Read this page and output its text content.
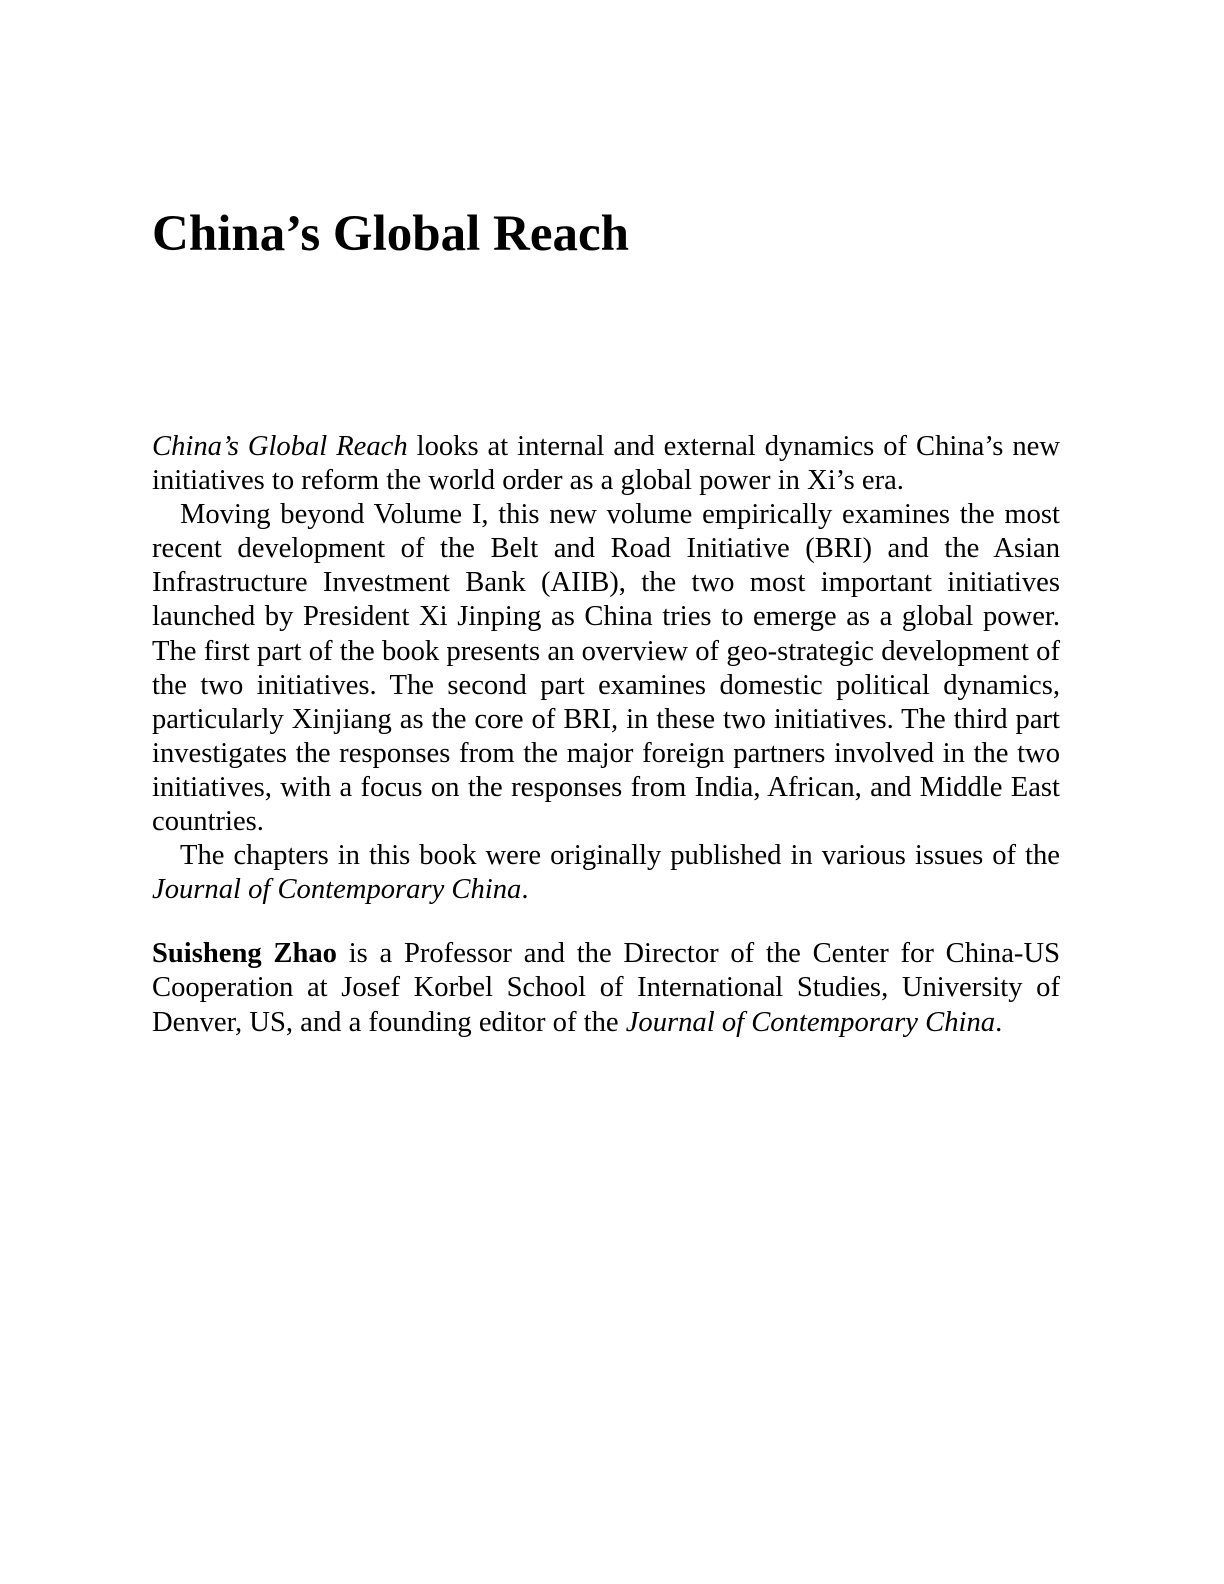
China’s Global Reach

China’s Global Reach looks at internal and external dynamics of China’s new initiatives to reform the world order as a global power in Xi’s era.

Moving beyond Volume I, this new volume empirically examines the most recent development of the Belt and Road Initiative (BRI) and the Asian Infrastructure Investment Bank (AIIB), the two most important initiatives launched by President Xi Jinping as China tries to emerge as a global power. The first part of the book presents an overview of geo-strategic development of the two initiatives. The second part examines domestic political dynamics, particularly Xinjiang as the core of BRI, in these two initiatives. The third part investigates the responses from the major foreign partners involved in the two initiatives, with a focus on the responses from India, African, and Middle East countries.

The chapters in this book were originally published in various issues of the Journal of Contemporary China.

Suisheng Zhao is a Professor and the Director of the Center for China-US Cooperation at Josef Korbel School of International Studies, University of Denver, US, and a founding editor of the Journal of Contemporary China.
